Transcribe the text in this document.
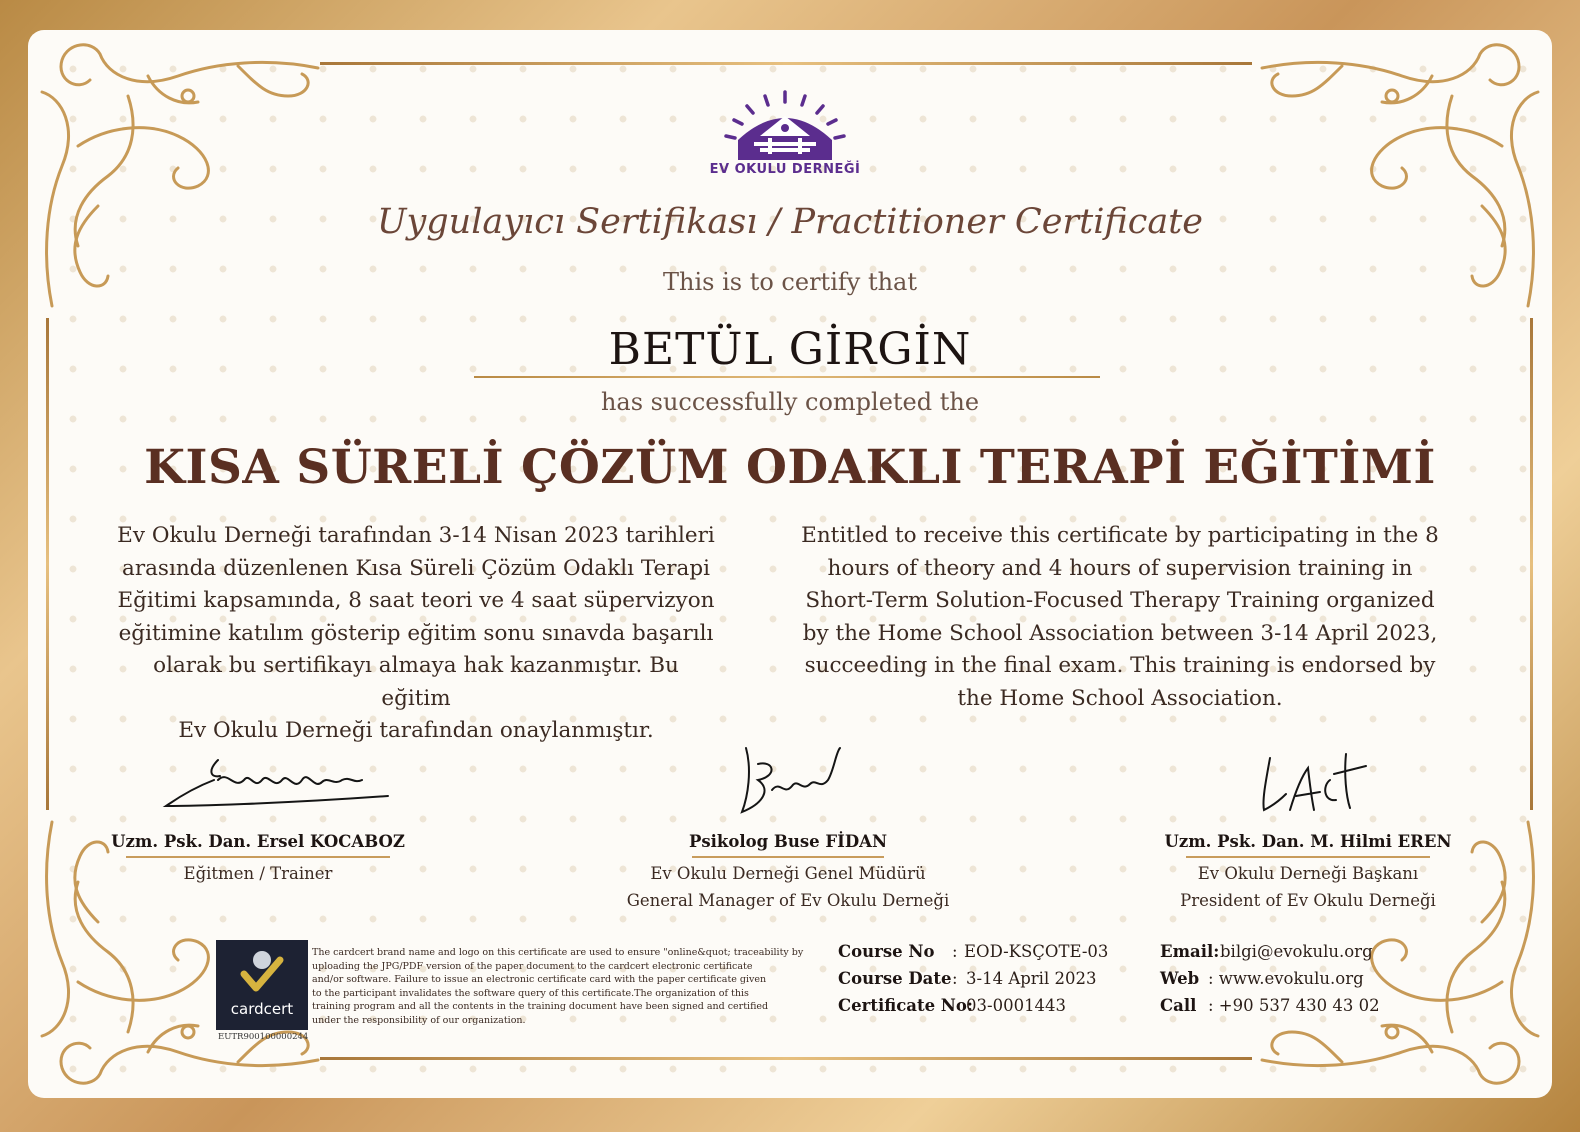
EV OKULU DERNEĞİ
Uygulayıcı Sertifikası / Practitioner Certificate
This is to certify that
BETÜL GİRGİN
has successfully completed the
KISA SÜRELİ ÇÖZÜM ODAKLI TERAPİ EĞİTİMİ
Ev Okulu Derneği tarafından 3-14 Nisan 2023 tarihleri
arasında düzenlenen Kısa Süreli Çözüm Odaklı Terapi
Eğitimi kapsamında, 8 saat teori ve 4 saat süpervizyon
eğitimine katılım gösterip eğitim sonu sınavda başarılı
olarak bu sertifikayı almaya hak kazanmıştır. Bu eğitim
Ev Okulu Derneği tarafından onaylanmıştır.
Entitled to receive this certificate by participating in the 8
hours of theory and 4 hours of supervision training in
Short-Term Solution-Focused Therapy Training organized
by the Home School Association between 3-14 April 2023,
succeeding in the final exam. This training is endorsed by
the Home School Association.
Uzm. Psk. Dan. Ersel KOCABOZ
Eğitmen / Trainer
Psikolog Buse FİDAN
Ev Okulu Derneği Genel Müdürü
General Manager of Ev Okulu Derneği
Uzm. Psk. Dan. M. Hilmi EREN
Ev Okulu Derneği Başkanı
President of Ev Okulu Derneği
cardcert
EUTR900100000244
The cardcert brand name and logo on this certificate are used to ensure "online&quot; traceability by
uploading the JPG/PDF version of the paper document to the cardcert electronic certificate
and/or software. Failure to issue an electronic certificate card with the paper certificate given
to the participant invalidates the software query of this certificate.The organization of this
training program and all the contents in the training document have been signed and certified
under the responsibility of our organization.
Course No : EOD-KSÇOTE-03
Course Date : 3-14 April 2023
Certificate No:
03-0001443
Email: bilgi@evokulu.org
Web : www.evokulu.org
Call : +90 537 430 43 02
